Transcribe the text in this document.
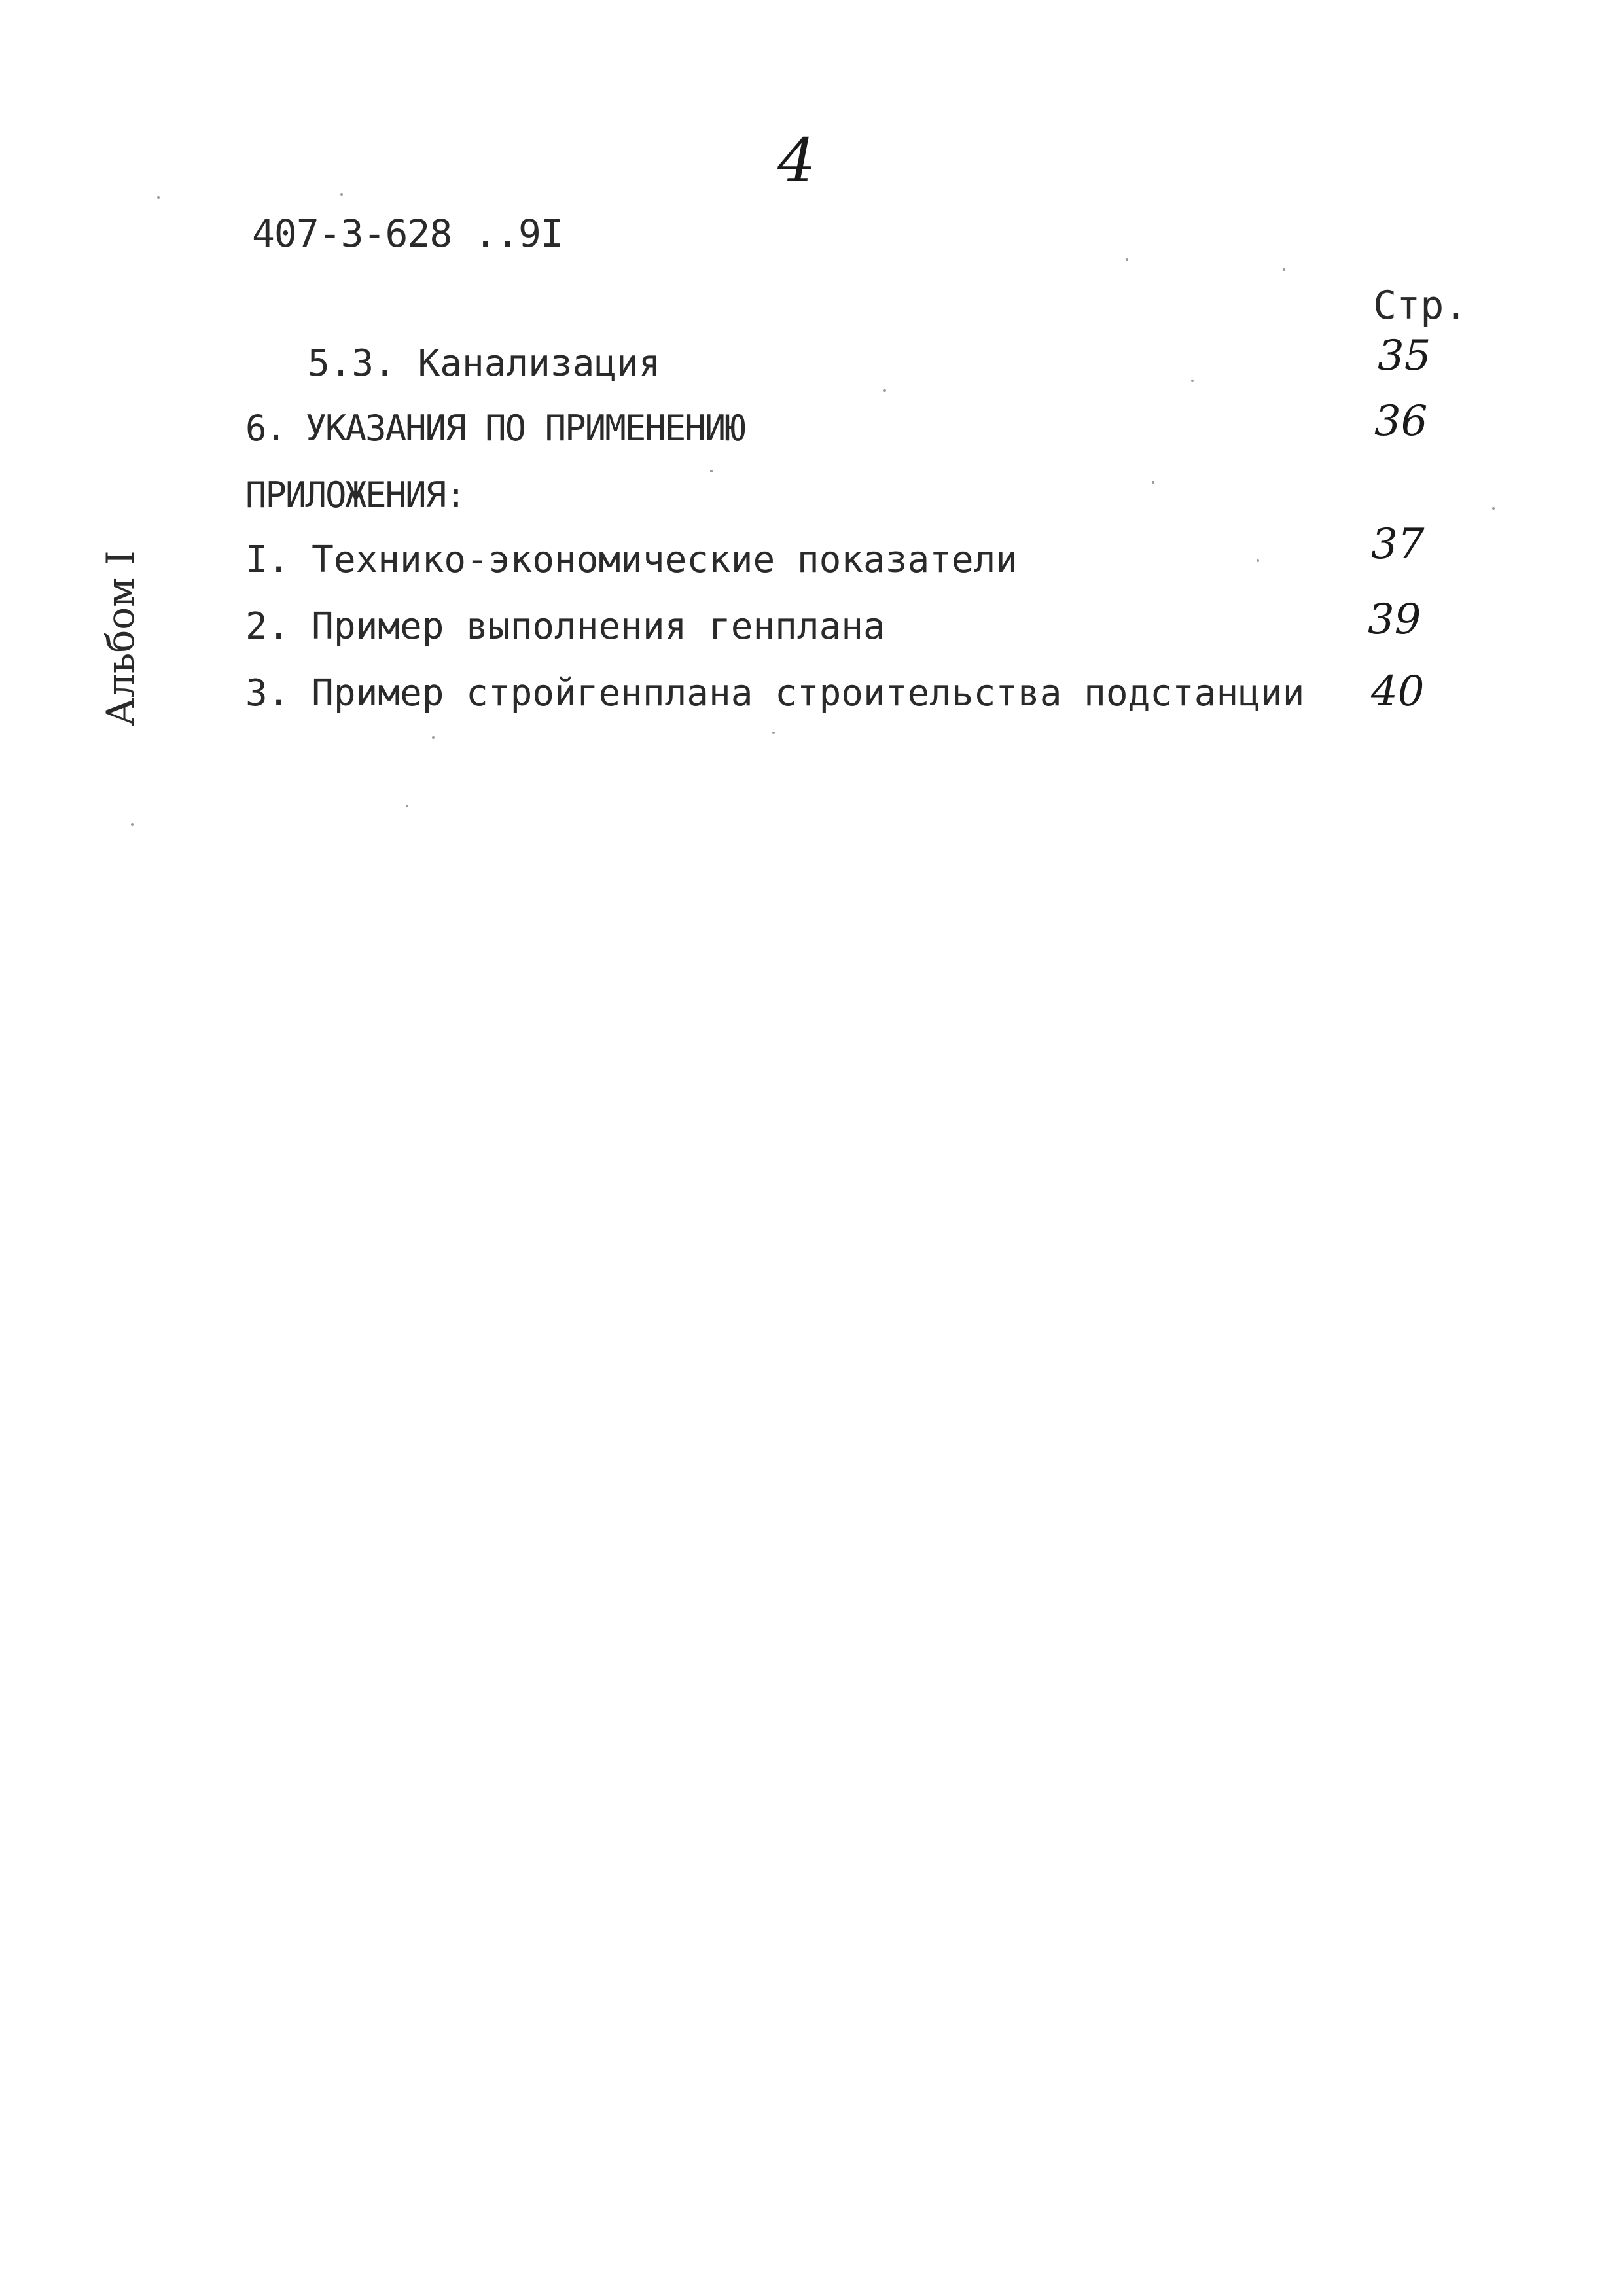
4
407-3-628 ..9I
Стр.
Альбом I
5.3. Канализация	35
6. УКАЗАНИЯ ПО ПРИМЕНЕНИЮ	36
ПРИЛОЖЕНИЯ:
I. Технико-экономические показатели	37
2. Пример выполнения генплана	39
3. Пример стройгенплана строительства подстанции 40
